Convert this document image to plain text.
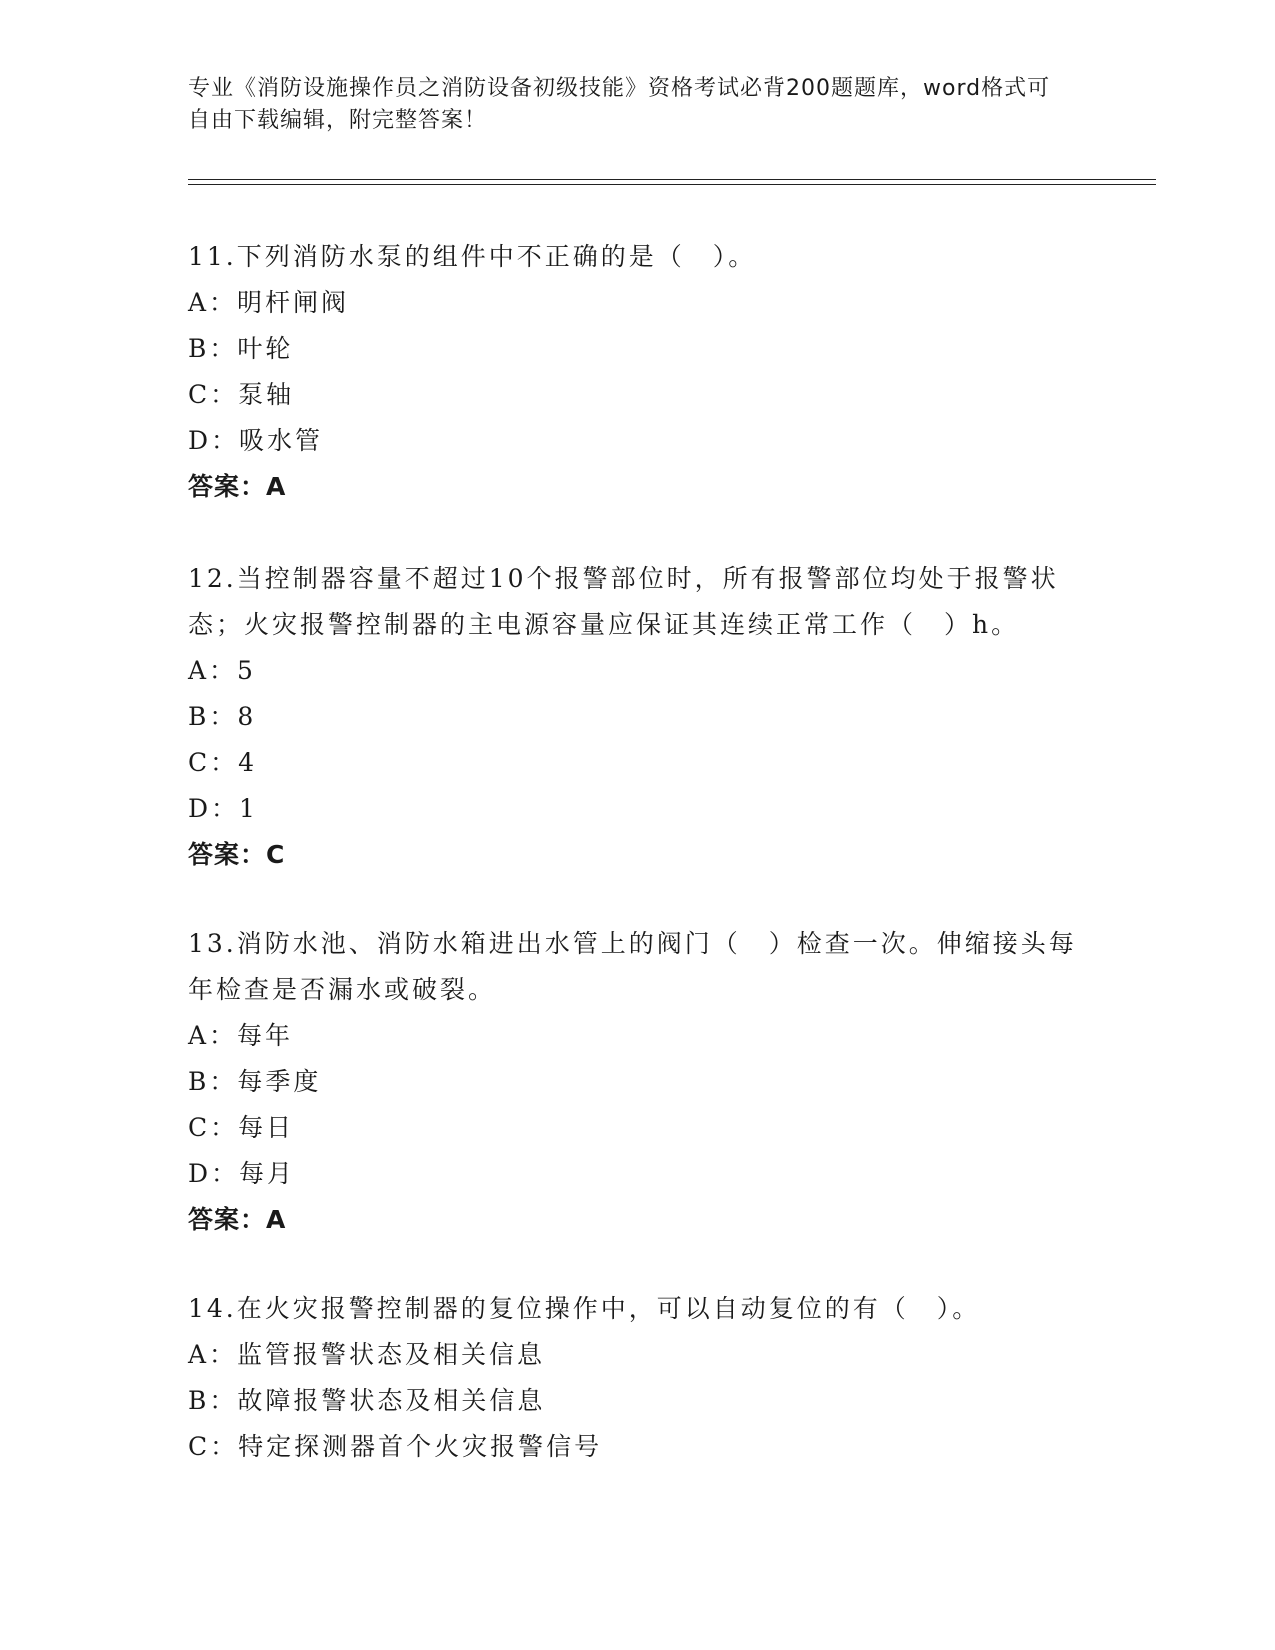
专业《消防设施操作员之消防设备初级技能》资格考试必背200题题库，word格式可自由下载编辑，附完整答案！

11.下列消防水泵的组件中不正确的是（　）。

A：明杆闸阀

B：叶轮

C：泵轴

D：吸水管

答案：A

12.当控制器容量不超过10个报警部位时，所有报警部位均处于报警状态；火灾报警控制器的主电源容量应保证其连续正常工作（　）h。

A：5

B：8

C：4

D：1

答案：C

13.消防水池、消防水箱进出水管上的阀门（　）检查一次。伸缩接头每年检查是否漏水或破裂。

A：每年

B：每季度

C：每日

D：每月

答案：A

14.在火灾报警控制器的复位操作中，可以自动复位的有（　）。

A：监管报警状态及相关信息

B：故障报警状态及相关信息

C：特定探测器首个火灾报警信号
